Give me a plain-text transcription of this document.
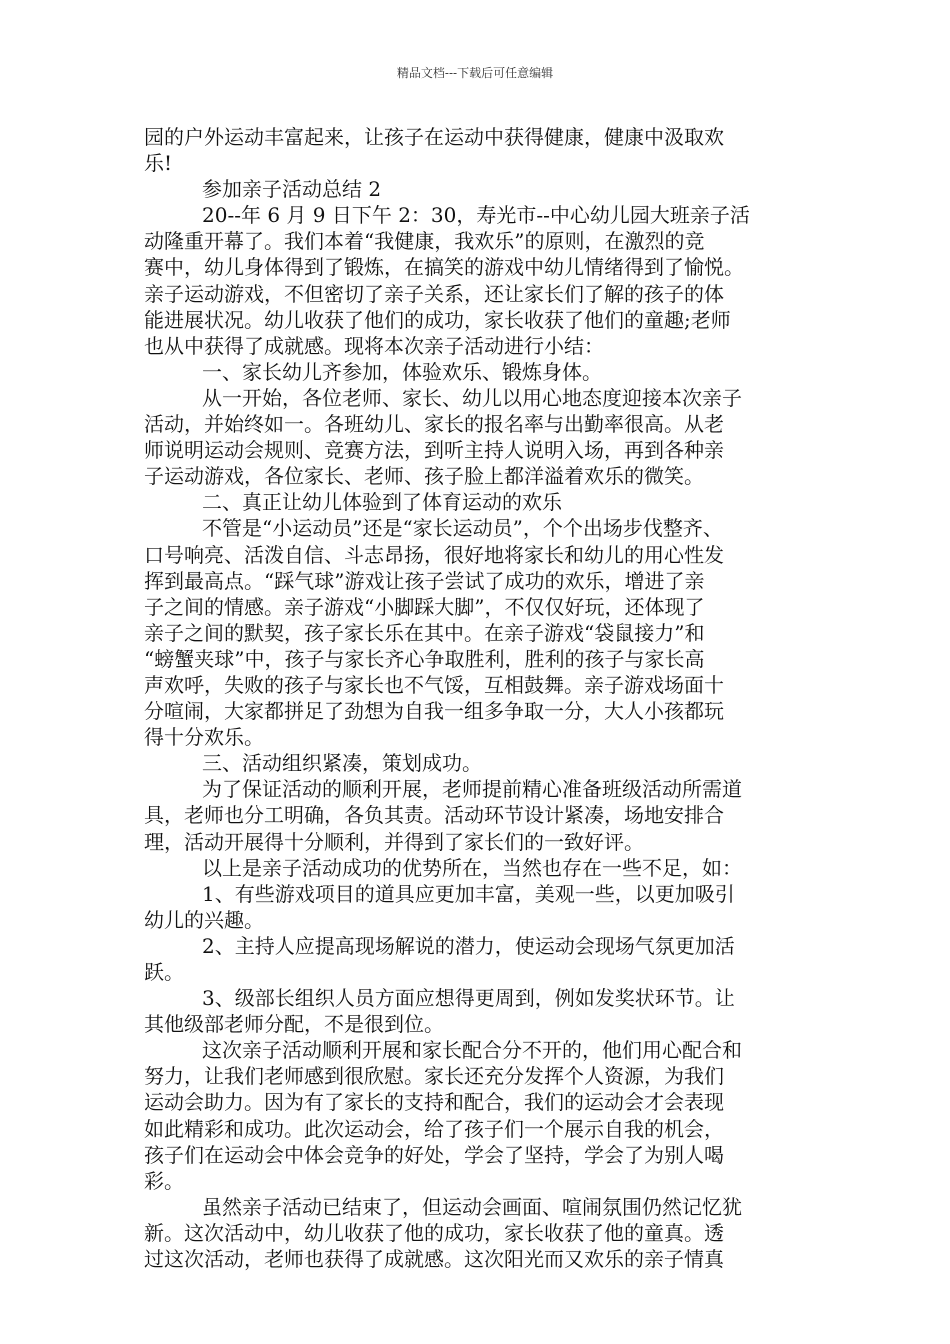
精品文档---下载后可任意编辑
园的户外运动丰富起来，让孩子在运动中获得健康，健康中汲取欢
乐!
参加亲子活动总结 2
20--年 6 月 9 日下午 2：30，寿光市--中心幼儿园大班亲子活
动隆重开幕了。我们本着“我健康，我欢乐”的原则，在激烈的竞
赛中，幼儿身体得到了锻炼，在搞笑的游戏中幼儿情绪得到了愉悦。
亲子运动游戏，不但密切了亲子关系，还让家长们了解的孩子的体
能进展状况。幼儿收获了他们的成功，家长收获了他们的童趣;老师
也从中获得了成就感。现将本次亲子活动进行小结：
一、家长幼儿齐参加，体验欢乐、锻炼身体。
从一开始，各位老师、家长、幼儿以用心地态度迎接本次亲子
活动，并始终如一。各班幼儿、家长的报名率与出勤率很高。从老
师说明运动会规则、竞赛方法，到听主持人说明入场，再到各种亲
子运动游戏，各位家长、老师、孩子脸上都洋溢着欢乐的微笑。
二、真正让幼儿体验到了体育运动的欢乐
不管是“小运动员”还是“家长运动员”，个个出场步伐整齐、
口号响亮、活泼自信、斗志昂扬，很好地将家长和幼儿的用心性发
挥到最高点。“踩气球”游戏让孩子尝试了成功的欢乐，增进了亲
子之间的情感。亲子游戏“小脚踩大脚”，不仅仅好玩，还体现了
亲子之间的默契，孩子家长乐在其中。在亲子游戏“袋鼠接力”和
“螃蟹夹球”中，孩子与家长齐心争取胜利，胜利的孩子与家长高
声欢呼，失败的孩子与家长也不气馁，互相鼓舞。亲子游戏场面十
分喧闹，大家都拼足了劲想为自我一组多争取一分，大人小孩都玩
得十分欢乐。
三、活动组织紧凑，策划成功。
为了保证活动的顺利开展，老师提前精心准备班级活动所需道
具，老师也分工明确，各负其责。活动环节设计紧凑，场地安排合
理，活动开展得十分顺利，并得到了家长们的一致好评。
以上是亲子活动成功的优势所在，当然也存在一些不足，如：
1、有些游戏项目的道具应更加丰富，美观一些，以更加吸引
幼儿的兴趣。
2、主持人应提高现场解说的潜力，使运动会现场气氛更加活
跃。
3、级部长组织人员方面应想得更周到，例如发奖状环节。让
其他级部老师分配，不是很到位。
这次亲子活动顺利开展和家长配合分不开的，他们用心配合和
努力，让我们老师感到很欣慰。家长还充分发挥个人资源，为我们
运动会助力。因为有了家长的支持和配合，我们的运动会才会表现
如此精彩和成功。此次运动会，给了孩子们一个展示自我的机会，
孩子们在运动会中体会竞争的好处，学会了坚持，学会了为别人喝
彩。
虽然亲子活动已结束了，但运动会画面、喧闹氛围仍然记忆犹
新。这次活动中，幼儿收获了他的成功，家长收获了他的童真。透
过这次活动，老师也获得了成就感。这次阳光而又欢乐的亲子情真
